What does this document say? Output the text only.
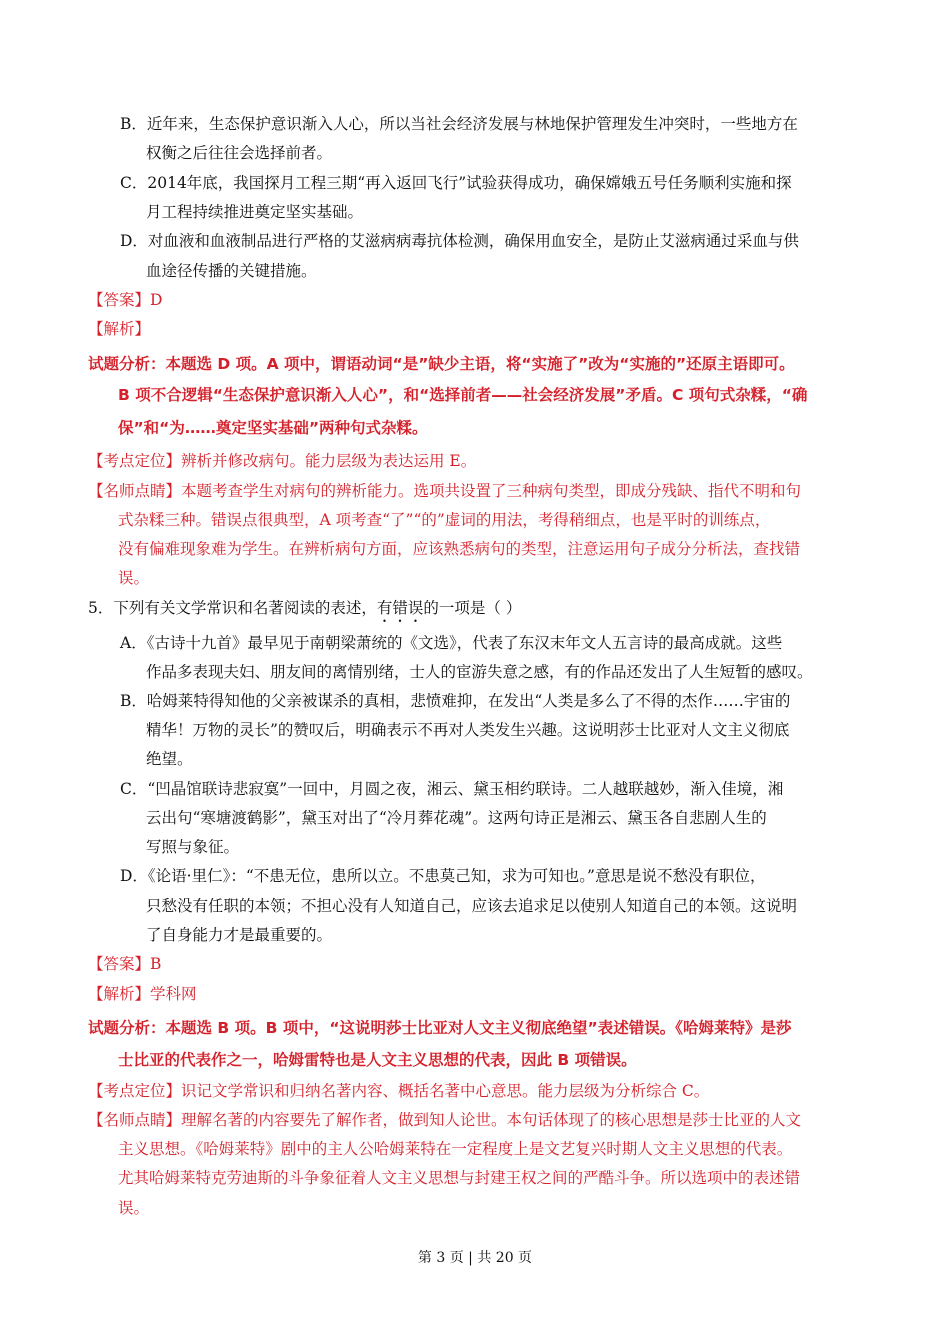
B．近年来，生态保护意识渐入人心，所以当社会经济发展与林地保护管理发生冲突时，一些地方在
权衡之后往往会选择前者。
C．2014年底，我国探月工程三期“再入返回飞行”试验获得成功，确保嫦娥五号任务顺利实施和探
月工程持续推进奠定坚实基础。
D．对血液和血液制品进行严格的艾滋病病毒抗体检测，确保用血安全，是防止艾滋病通过采血与供
血途径传播的关键措施。
【答案】D
【解析】
试题分析：本题选 D 项。A 项中，谓语动词“是”缺少主语，将“实施了”改为“实施的”还原主语即可。
B 项不合逻辑“生态保护意识渐入人心”，和“选择前者——社会经济发展”矛盾。C 项句式杂糅，“确
保”和“为……奠定坚实基础”两种句式杂糅。
【考点定位】辨析并修改病句。能力层级为表达运用 E。
【名师点睛】本题考查学生对病句的辨析能力。选项共设置了三种病句类型，即成分残缺、指代不明和句
式杂糅三种。错误点很典型，A 项考查“了”“的”虚词的用法，考得稍细点，也是平时的训练点，
没有偏难现象难为学生。在辨析病句方面，应该熟悉病句的类型，注意运用句子成分分析法，查找错
误。
5．下列有关文学常识和名著阅读的表述，有错误的一项是（ ）
A．《古诗十九首》最早见于南朝梁萧统的《文选》，代表了东汉末年文人五言诗的最高成就。这些
作品多表现夫妇、朋友间的离情别绪，士人的宦游失意之感，有的作品还发出了人生短暂的感叹。
B．哈姆莱特得知他的父亲被谋杀的真相，悲愤难抑，在发出“人类是多么了不得的杰作……宇宙的
精华！万物的灵长”的赞叹后，明确表示不再对人类发生兴趣。这说明莎士比亚对人文主义彻底
绝望。
C．“凹晶馆联诗悲寂寞”一回中，月圆之夜，湘云、黛玉相约联诗。二人越联越妙，渐入佳境，湘
云出句“寒塘渡鹤影”，黛玉对出了“冷月葬花魂”。这两句诗正是湘云、黛玉各自悲剧人生的
写照与象征。
D．《论语·里仁》：“不患无位，患所以立。不患莫己知，求为可知也。”意思是说不愁没有职位，
只愁没有任职的本领；不担心没有人知道自己，应该去追求足以使别人知道自己的本领。这说明
了自身能力才是最重要的。
【答案】B
【解析】学科网
试题分析：本题选 B 项。B 项中，“这说明莎士比亚对人文主义彻底绝望”表述错误。《哈姆莱特》是莎
士比亚的代表作之一，哈姆雷特也是人文主义思想的代表，因此 B 项错误。
【考点定位】识记文学常识和归纳名著内容、概括名著中心意思。能力层级为分析综合 C。
【名师点睛】理解名著的内容要先了解作者，做到知人论世。本句话体现了的核心思想是莎士比亚的人文
主义思想。《哈姆莱特》剧中的主人公哈姆莱特在一定程度上是文艺复兴时期人文主义思想的代表。
尤其哈姆莱特克劳迪斯的斗争象征着人文主义思想与封建王权之间的严酷斗争。所以选项中的表述错
误。
第 3 页 | 共 20 页
